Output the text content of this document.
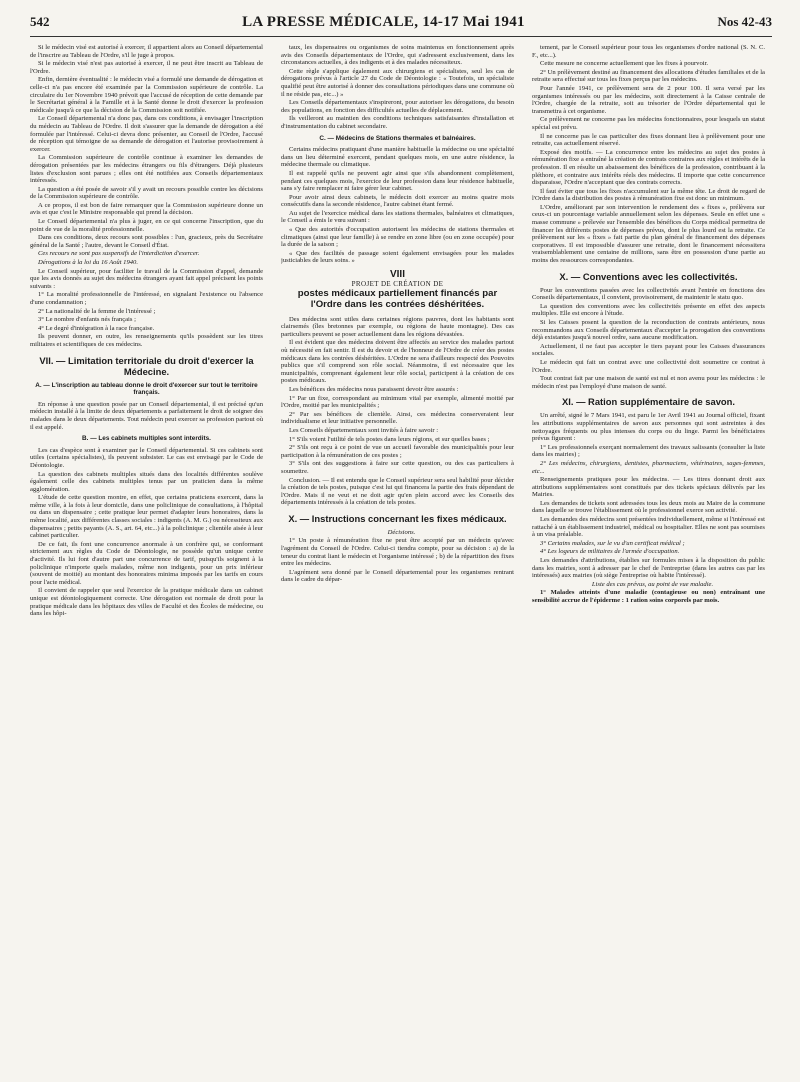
542	LA PRESSE MÉDICALE, 14-17 Mai 1941	Nos 42-43

Si le médecin visé est autorisé à exercer, il appartient alors au Conseil départemental de l'inscrire au Tableau de l'Ordre, s'il le juge à propos.

Si le médecin visé n'est pas autorisé à exercer, il ne peut être inscrit au Tableau de l'Ordre.

Enfin, dernière éventualité : le médecin visé a formulé une demande de dérogation et celle-ci n'a pas encore été examinée par la Commission supérieure de contrôle. La circulaire du 1er Novembre 1940 prévoit que l'accusé de réception de cette demande par le Secrétariat général à la Famille et à la Santé donne le droit d'exercer la profession médicale jusqu'à ce que la décision de la Commission soit notifiée.

Le Conseil départemental n'a donc pas, dans ces conditions, à envisager l'inscription du médecin au Tableau de l'Ordre. Il doit s'assurer que la demande de dérogation a été formulée par l'intéressé. Celui-ci devra donc présenter, au Conseil de l'Ordre, l'accusé de réception qui témoigne de sa demande de dérogation et l'autorise provisoirement à exercer.

La Commission supérieure de contrôle continue à examiner les demandes de dérogation présentées par les médecins étrangers ou fils d'étrangers. Déjà plusieurs listes d'exclusion sont parues ; elles ont été notifiées aux Conseils départementaux intéressés.

La question a été posée de savoir s'il y avait un recours possible contre les décisions de la Commission supérieure de contrôle.

A ce propos, il est bon de faire remarquer que la Commission supérieure donne un avis et que c'est le Ministre responsable qui prend la décision.

Le Conseil départemental n'a plus à juger, en ce qui concerne l'inscription, que du point de vue de la moralité professionnelle.

Dans ces conditions, deux recours sont possibles : l'un, gracieux, près du Secrétaire général de la Santé ; l'autre, devant le Conseil d'État.

Ces recours ne sont pas suspensifs de l'interdiction d'exercer.

Dérogations à la loi du 16 Août 1940.

Le Conseil supérieur, pour faciliter le travail de la Commission d'appel, demande que les avis donnés au sujet des médecins étrangers ayant fait appel précisent les points suivants :

1° La moralité professionnelle de l'intéressé, en signalant l'existence ou l'absence d'une condamnation ;

2° La nationalité de la femme de l'intéressé ;

3° Le nombre d'enfants nés français ;

4° Le degré d'intégration à la race française.

Ils peuvent donner, en outre, les renseignements qu'ils possèdent sur les titres militaires et scientifiques de ces médecins.

VII. — Limitation territoriale du droit d'exercer la Médecine.
A. — L'inscription au tableau donne le droit d'exercer sur tout le territoire français.

En réponse à une question posée par un Conseil départemental, il est précisé qu'un médecin installé à la limite de deux départements a parfaitement le droit de soigner des malades dans le deux départements. Tout médecin peut exercer sa profession partout où il est appelé.

B. — Les cabinets multiples sont interdits.

Les cas d'espèce sont à examiner par le Conseil départemental. Si ces cabinets sont utiles (certains spécialistes), ils peuvent subsister. Le cas est envisagé par le Code de Déontologie.

La question des cabinets multiples situés dans des localités différentes soulève également celle des cabinets multiples tenus par un praticien dans la même agglomération.

L'étude de cette question montre, en effet, que certains praticiens exercent, dans la même ville, à la fois à leur domicile, dans une policlinique de consultations, à l'hôpital ou dans un dispensaire ; cette pratique leur permet d'adapter leurs honoraires, dans la même localité, aux différentes classes sociales : indigents (A. M. G.) ou nécessiteux aux dispensaires ; petits payants (A. S., art. 64, etc...) à la policlinique ; clientèle aisée à leur cabinet particulier.

De ce fait, ils font une concurrence anormale à un confrère qui, se conformant strictement aux règles du Code de Déontologie, ne possède qu'un unique centre d'activité. Ils lui font d'autre part une concurrence de tarif, puisqu'ils soignent à la policlinique n'importe quels malades, même non indigents, pour un prix inférieur (souvent de moitié) au montant des honoraires minima imposés par les tarifs en cours pour l'acte médical.

Il convient de rappeler que seul l'exercice de la pratique médicale dans un cabinet unique est déontologiquement correcte. Une dérogation est normale de droit pour la pratique médicale dans les hôpitaux des villes de Faculté et des Écoles de médecine, ou dans les hôpi-

taux, les dispensaires ou organismes de soins maintenus en fonctionnement après avis des Conseils départementaux de l'Ordre, qui s'adressent exclusivement, dans les circonstances actuelles, à des indigents et à des malades nécessiteux.

Cette règle s'applique également aux chirurgiens et spécialistes, seul les cas de dérogations prévus à l'article 27 du Code de Déontologie : « Toutefois, un spécialiste qualifié peut être autorisé à donner des consultations périodiques dans une commune où il ne réside pas, etc...) »

Les Conseils départementaux s'inspireront, pour autoriser les dérogations, du besoin des populations, en fonction des difficultés actuelles de déplacement.

Ils veilleront au maintien des conditions techniques satisfaisantes d'installation et d'instrumentation du cabinet secondaire.

C. — Médecins de Stations thermales et balnéaires.

Certains médecins pratiquant d'une manière habituelle la médecine ou une spécialité dans un lieu déterminé exercent, pendant quelques mois, en une autre résidence, la médecine thermale ou climatique.

Il est rappelé qu'ils ne peuvent agir ainsi que s'ils abandonnent complètement, pendant ces quelques mois, l'exercice de leur profession dans leur résidence habituelle, sans s'y faire remplacer ni faire gérer leur cabinet.

Pour avoir ainsi deux cabinets, le médecin doit exercer au moins quatre mois consécutifs dans la seconde résidence, l'autre cabinet étant fermé.

Au sujet de l'exercice médical dans les stations thermales, balnéaires et climatiques, le Conseil a émis le vœu suivant :

« Que des autorités d'occupation autorisent les médecins de stations thermales et climatiques (ainsi que leur famille) à se rendre en zone libre (ou en zone occupée) pour la durée de la saison ;

« Que des facilités de passage soient également envisagées pour les malades justiciables de leurs soins. »

VIII
PROJET DE CRÉATION DE
postes médicaux partiellement financés par l'Ordre dans les contrées déshéritées.

Des médecins sont utiles dans certaines régions pauvres, dont les habitants sont clairsemés (îles bretonnes par exemple, ou régions de haute montagne). Des cas particuliers peuvent se poser actuellement dans les régions dévastées.

Il est évident que des médecins doivent être affectés au service des malades partout où nécessité en fait sentir. Il est du devoir et de l'honneur de l'Ordre de créer des postes médicaux dans les contrées déshéritées. L'Ordre ne sera d'ailleurs respecté des Pouvoirs publics que s'il comprend son rôle social. Néanmoins, il est nécessaire que les municipalités, comprenant également leur rôle social, participent à la création de ces postes médicaux.

Les bénéfices des médecins nous paraissent devoir être assurés :

1° Par un fixe, correspondant au minimum vital par exemple, alimenté moitié par l'Ordre, moitié par les municipalités ;

2° Par ses bénéfices de clientèle. Ainsi, ces médecins conserveraient leur individualisme et leur initiative personnelle.

Les Conseils départementaux sont invités à faire savoir :

1° S'ils voient l'utilité de tels postes dans leurs régions, et sur quelles bases ;

2° S'ils ont reçu à ce point de vue un accueil favorable des municipalités pour leur participation à la rémunération de ces postes ;

3° S'ils ont des suggestions à faire sur cette question, ou des cas particuliers à soumettre.

Conclusion. — Il est entendu que le Conseil supérieur sera seul habilité pour décider la création de tels postes, puisque c'est lui qui financera la partie des frais dépendant de l'Ordre. Mais il ne veut et ne doit agir qu'en plein accord avec les Conseils des départements intéressés à la création de tels postes.

X. — Instructions concernant les fixes médicaux.

Décisions.

1° Un poste à rémunération fixe ne peut être accepté par un médecin qu'avec l'agrément du Conseil de l'Ordre. Celui-ci tiendra compte, pour sa décision : a) de la teneur du contrat liant le médecin et l'organisme intéressé ; b) de la répartition des fixes entre les médecins.

L'agrément sera donné par le Conseil départemental pour les organismes rentrant dans le cadre du dépar-

tement, par le Conseil supérieur pour tous les organismes d'ordre national (S. N. C. F., etc...).

Cette mesure ne concerne actuellement que les fixes à pourvoir.

2° Un prélèvement destiné au financement des allocations d'études familiales et de la retraite sera effectué sur tous les fixes perçus par les médecins.

Pour l'année 1941, ce prélèvement sera de 2 pour 100. Il sera versé par les organismes intéressés ou par les médecins, soit directement à la Caisse centrale de l'Ordre, chargée de la retraite, soit au trésorier de l'Ordre départemental qui le transmettra à cet organisme.

Ce prélèvement ne concerne pas les médecins fonctionnaires, pour lesquels un statut spécial est prévu.

Il ne concerne pas le cas particulier des fixes donnant lieu à prélèvement pour une retraite, cas actuellement réservé.

Exposé des motifs. — La concurrence entre les médecins au sujet des postes à rémunération fixe a entraîné la création de contrats contraires aux règles et intérêts de la profession. Il en résulte un abaissement des bénéfices de la profession, contribuant à la pléthore, et contraire aux intérêts réels des médecins. Il importe que cette concurrence disparaisse, l'Ordre n'acceptant que des contrats corrects.

Il faut éviter que tous les fixes n'accumulent sur la même tête. Le droit de regard de l'Ordre dans la distribution des postes à rémunération fixe est donc un minimum.

L'Ordre, améliorant par son intervention le rendement des « fixes », prélèvera sur ceux-ci un pourcentage variable annuellement selon les dépenses. Seule en effet une « masse commune » prélevée sur l'ensemble des bénéfices du Corps médical permettra de financer les différents postes de dépenses prévus, dont le plus lourd est la retraite. Ce prélèvement sur les « fixes » fait partie du plan général de financement des dépenses corporatives. Il est impossible d'assurer une retraite, dont le financement nécessitera vraisemblablement une centaine de millions, sans être en possession d'une partie au moins des ressources correspondantes.

X. — Conventions avec les collectivités.

Pour les conventions passées avec les collectivités avant l'entrée en fonctions des Conseils départementaux, il convient, provisoirement, de maintenir le statu quo.

La question des conventions avec les collectivités présente en effet des aspects multiples. Elle est encore à l'étude.

Si les Caisses posent la question de la reconduction de contrats antérieurs, nous recommandons aux Conseils départementaux d'accepter la prorogation des conventions déjà existantes jusqu'à nouvel ordre, sans aucune modification.

Actuellement, il ne faut pas accepter le tiers payant pour les Caisses d'assurances sociales.

Le médecin qui fait un contrat avec une collectivité doit soumettre ce contrat à l'Ordre.

Tout contrat fait par une maison de santé est nul et non avenu pour les médecins : le médecin n'est pas l'employé d'une maison de santé.

XI. — Ration supplémentaire de savon.

Un arrêté, signé le 7 Mars 1941, est paru le 1er Avril 1941 au Journal officiel, fixant les attributions supplémentaires de savon aux personnes qui sont astreintes à des nettoyages fréquents ou plus intenses du corps ou du linge. Parmi les bénéficiaires prévus figurent :

1° Les professionnels exerçant normalement des travaux salissants (consulter la liste dans les mairies) ;

2° Les médecins, chirurgiens, dentistes, pharmaciens, vétérinaires, sages-femmes, etc...

Renseignements pratiques pour les médecins. — Les titres donnant droit aux attributions supplémentaires sont constitués par des tickets spéciaux délivrés par les Mairies.

Les demandes de tickets sont adressées tous les deux mois au Maire de la commune dans laquelle se trouve l'établissement où le professionnel exerce son activité.

Les demandes des médecins sont présentées individuellement, même si l'intéressé est rattaché à un établissement industriel, médical ou hospitalier. Elles ne sont pas soumises à un visa préalable.

3° Certains malades, sur le vu d'un certificat médical ;

4° Les logeurs de militaires de l'armée d'occupation.

Les demandes d'attributions, établies sur formules mises à la disposition du public dans les mairies, sont à adresser par le chef de l'entreprise (dans les autres cas par les intéressés) aux mairies (où siège l'entreprise où habite l'intéressé).

Liste des cas prévus, au point de vue maladie.

1° Malades atteints d'une maladie (contagieuse ou non) entraînant une sensibilité accrue de l'épiderme : 1 ration soins corporels par mois.
